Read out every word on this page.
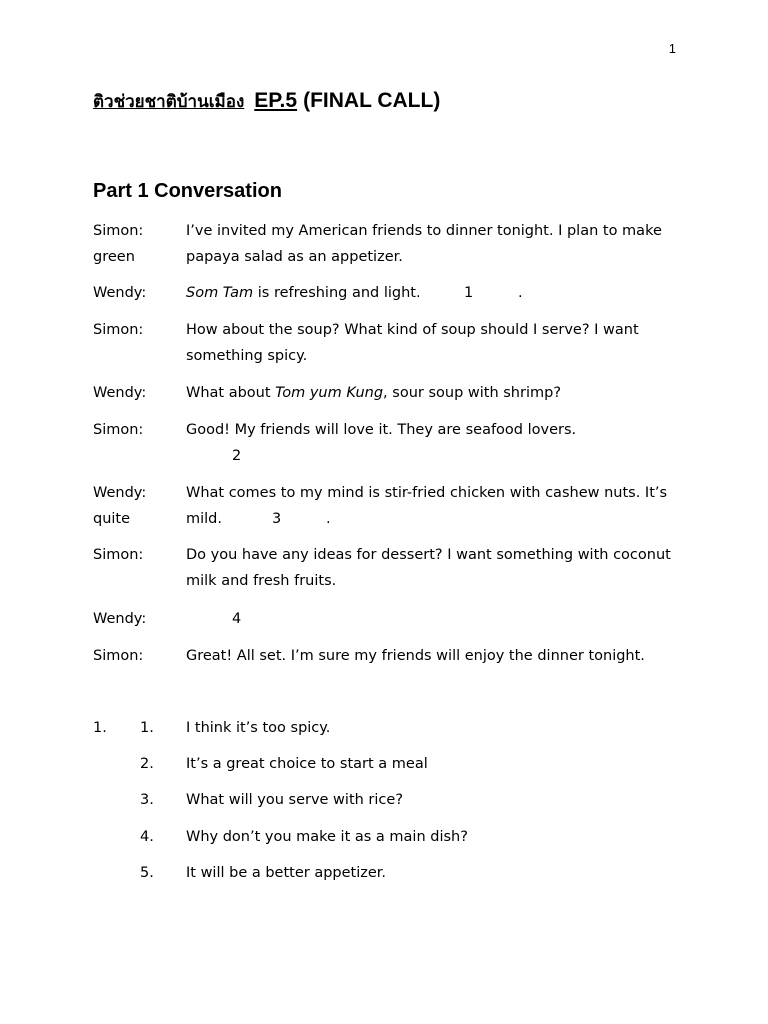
1
ติวช่วยชาติบ้านเมือง EP.5 (FINAL CALL)
Part 1 Conversation
Simon:	I’ve invited my American friends to dinner tonight. I plan to make
green	papaya salad as an appetizer.
Wendy:	Som Tam is refreshing and light.	1	.
Simon:	How about the soup? What kind of soup should I serve? I want
something spicy.
Wendy:	What about Tom yum Kung, sour soup with shrimp?
Simon:	Good! My friends will love it. They are seafood lovers.
2
Wendy:	What comes to my mind is stir-fried chicken with cashew nuts. It’s
quite	mild.	3	.
Simon:	Do you have any ideas for dessert? I want something with coconut
milk and fresh fruits.
Wendy:	4
Simon:	Great! All set. I’m sure my friends will enjoy the dinner tonight.
1. 1. I think it’s too spicy.
2. It’s a great choice to start a meal
3. What will you serve with rice?
4. Why don’t you make it as a main dish?
5. It will be a better appetizer.
